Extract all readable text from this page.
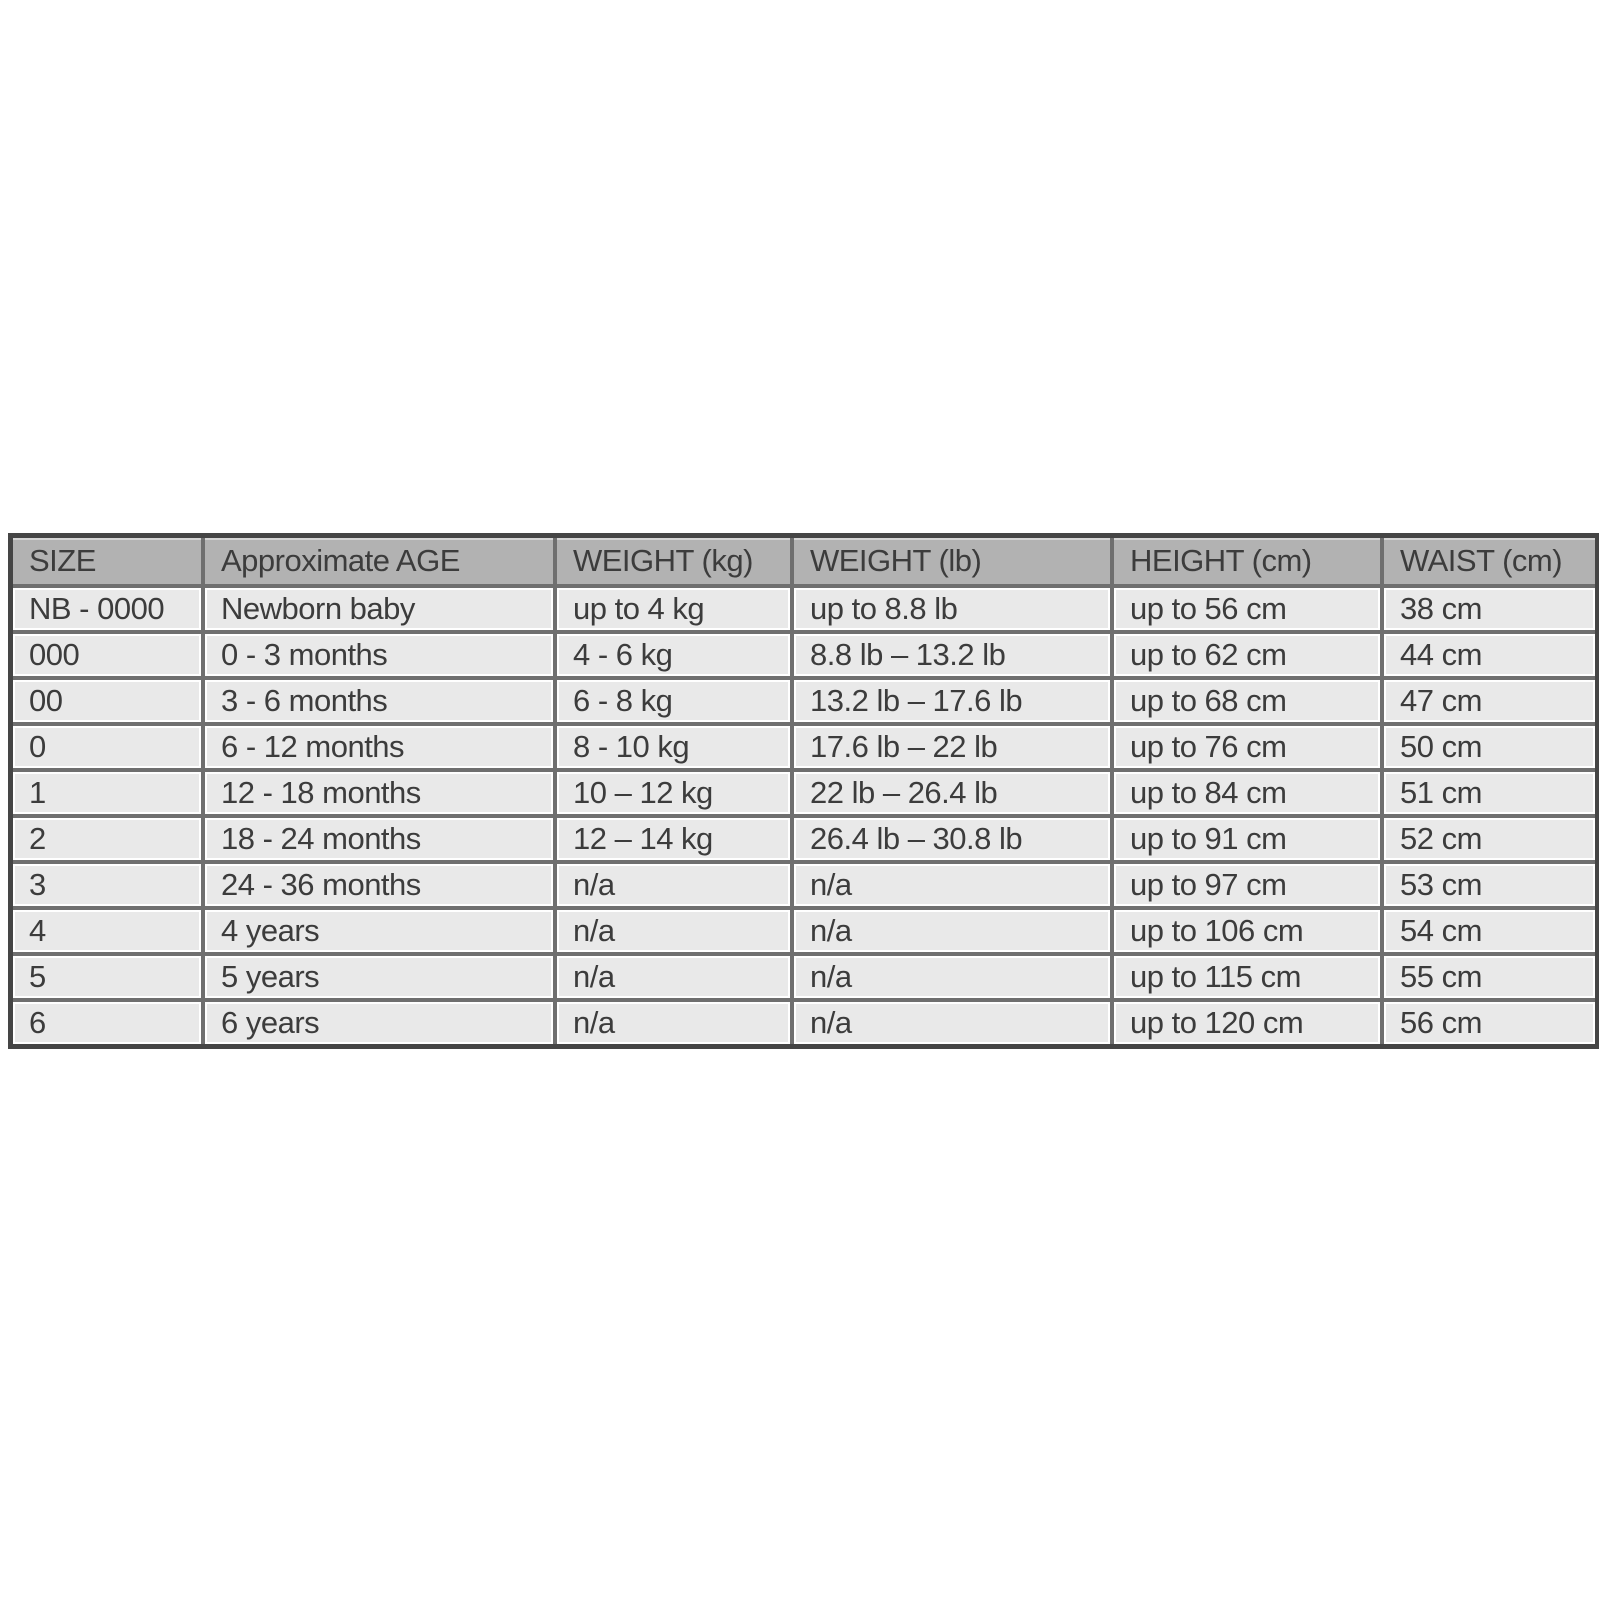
SIZE	Approximate AGE	WEIGHT (kg)	WEIGHT (lb)	HEIGHT (cm)	WAIST (cm)
NB - 0000	Newborn baby	up to 4 kg	up to 8.8 lb	up to 56 cm	38 cm
000	0 - 3 months	4 - 6 kg	8.8 lb – 13.2 lb	up to 62 cm	44 cm
00	3 - 6 months	6 - 8 kg	13.2 lb – 17.6 lb	up to 68 cm	47 cm
0	6 - 12 months	8 - 10 kg	17.6 lb – 22 lb	up to 76 cm	50 cm
1	12 - 18 months	10 – 12 kg	22 lb – 26.4 lb	up to 84 cm	51 cm
2	18 - 24 months	12 – 14 kg	26.4 lb – 30.8 lb	up to 91 cm	52 cm
3	24 - 36 months	n/a	n/a	up to 97 cm	53 cm
4	4 years	n/a	n/a	up to 106 cm	54 cm
5	5 years	n/a	n/a	up to 115 cm	55 cm
6	6 years	n/a	n/a	up to 120 cm	56 cm
